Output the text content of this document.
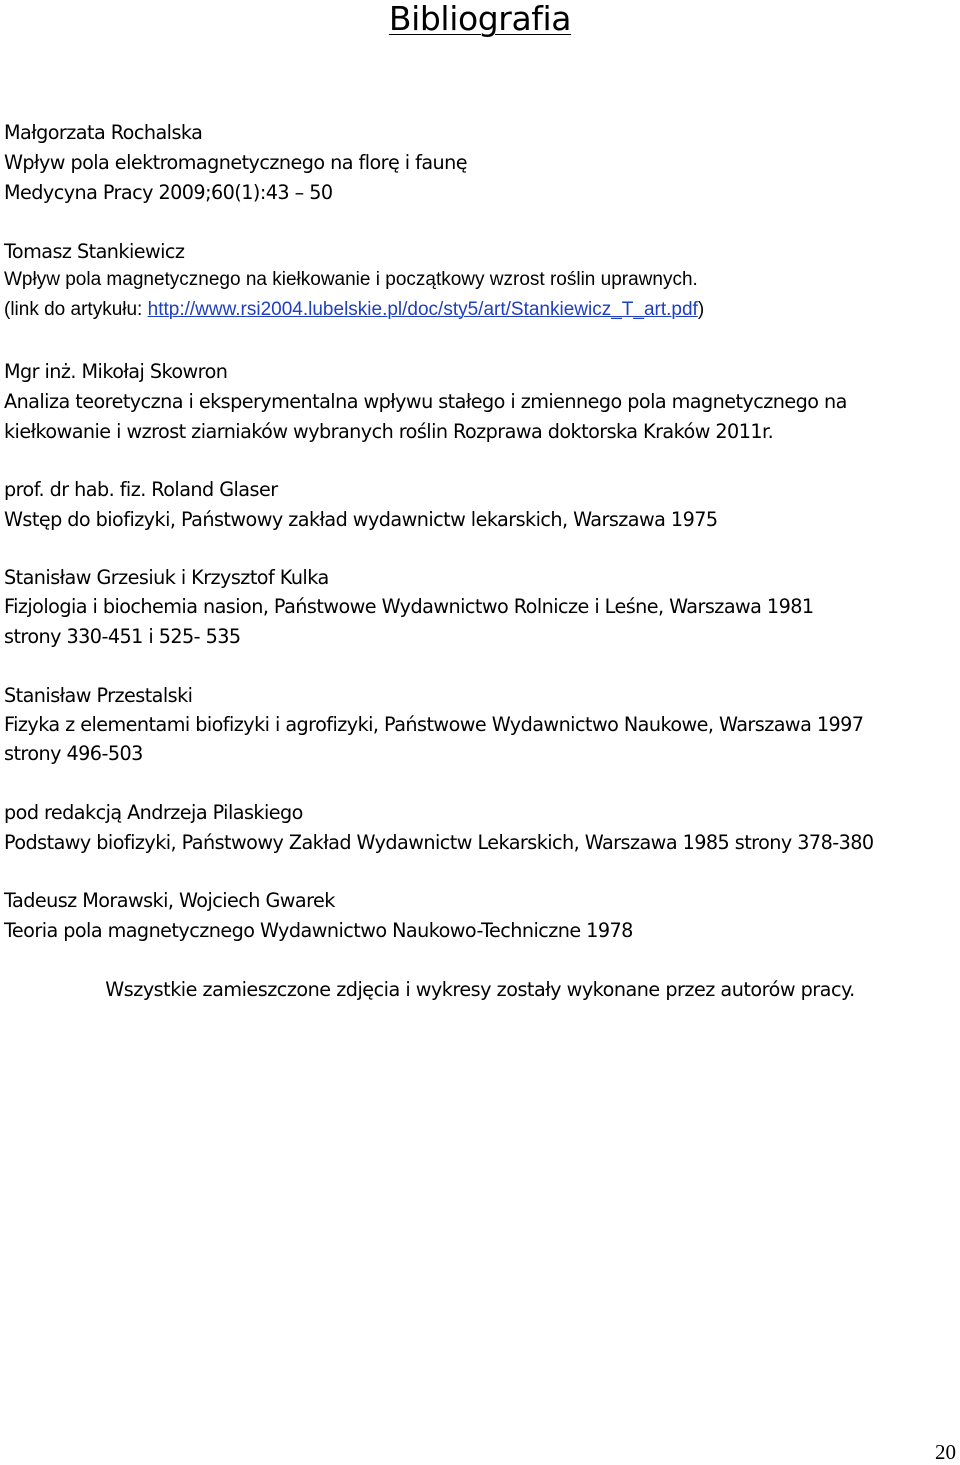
Bibliografia
Małgorzata Rochalska
Wpływ pola elektromagnetycznego na florę i faunę
Medycyna Pracy 2009;60(1):43 – 50
Tomasz Stankiewicz
Wpływ pola magnetycznego na kiełkowanie i początkowy wzrost roślin uprawnych.
(link do artykułu: http://www.rsi2004.lubelskie.pl/doc/sty5/art/Stankiewicz_T_art.pdf)
Mgr inż. Mikołaj Skowron
Analiza teoretyczna i eksperymentalna wpływu stałego i zmiennego pola magnetycznego na
kiełkowanie i wzrost ziarniaków wybranych roślin Rozprawa doktorska Kraków 2011r.
prof. dr hab. fiz. Roland Glaser
Wstęp do biofizyki, Państwowy zakład wydawnictw lekarskich, Warszawa 1975
Stanisław Grzesiuk i Krzysztof Kulka
Fizjologia i biochemia nasion, Państwowe Wydawnictwo Rolnicze i Leśne, Warszawa 1981
strony 330-451 i 525- 535
Stanisław Przestalski
Fizyka z elementami biofizyki i agrofizyki, Państwowe Wydawnictwo Naukowe, Warszawa 1997
strony 496-503
pod redakcją Andrzeja Pilaskiego
Podstawy biofizyki, Państwowy Zakład Wydawnictw Lekarskich, Warszawa 1985 strony 378-380
Tadeusz Morawski, Wojciech Gwarek
Teoria pola magnetycznego Wydawnictwo Naukowo-Techniczne 1978
Wszystkie zamieszczone zdjęcia i wykresy zostały wykonane przez autorów pracy.
20
